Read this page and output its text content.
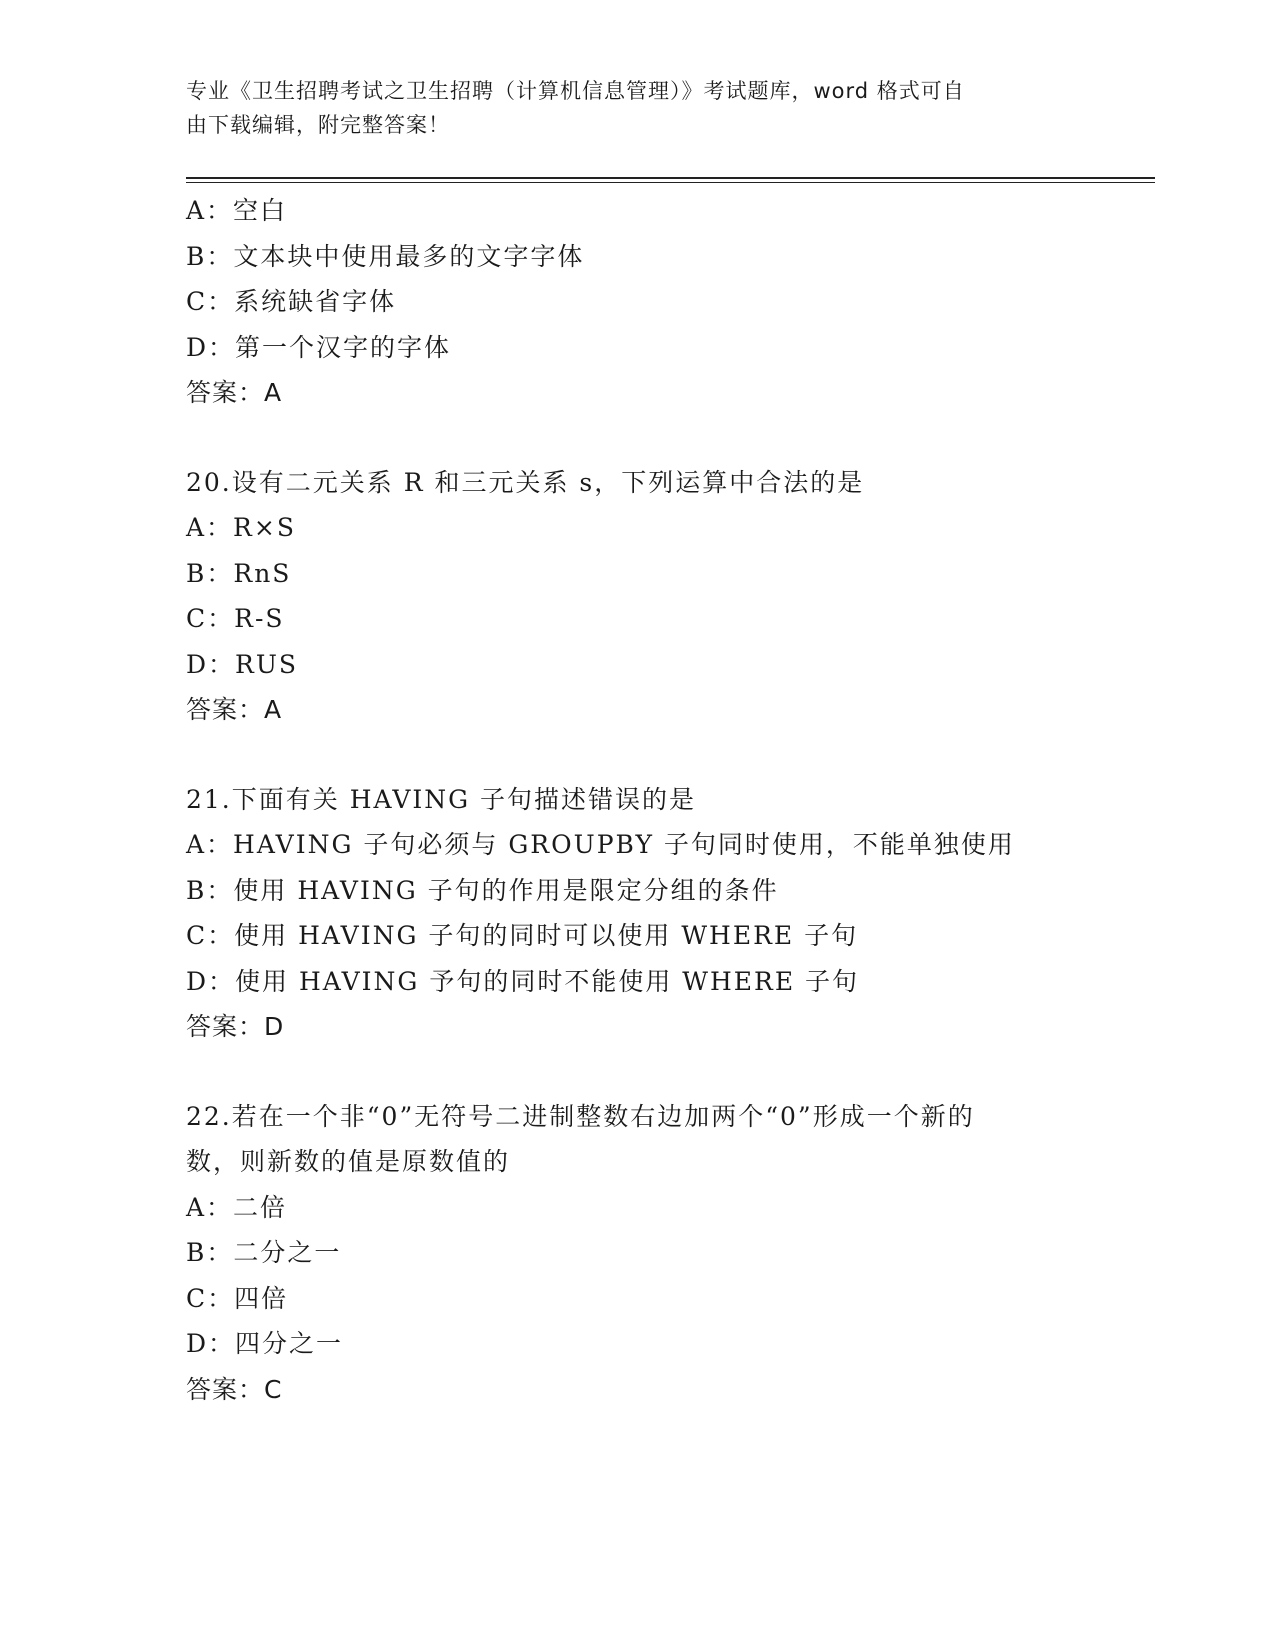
专业《卫生招聘考试之卫生招聘（计算机信息管理）》考试题库，word 格式可自
由下载编辑，附完整答案！
A：空白
B：文本块中使用最多的文字字体
C：系统缺省字体
D：第一个汉字的字体
答案：A
20.设有二元关系 R 和三元关系 s，下列运算中合法的是
A：R×S
B：RnS
C：R-S
D：RUS
答案：A
21.下面有关 HAVING 子句描述错误的是
A：HAVING 子句必须与 GROUPBY 子句同时使用，不能单独使用
B：使用 HAVING 子句的作用是限定分组的条件
C：使用 HAVING 子句的同时可以使用 WHERE 子句
D：使用 HAVING 予句的同时不能使用 WHERE 子句
答案：D
22.若在一个非“0”无符号二进制整数右边加两个“0”形成一个新的
数，则新数的值是原数值的
A：二倍
B：二分之一
C：四倍
D：四分之一
答案：C
